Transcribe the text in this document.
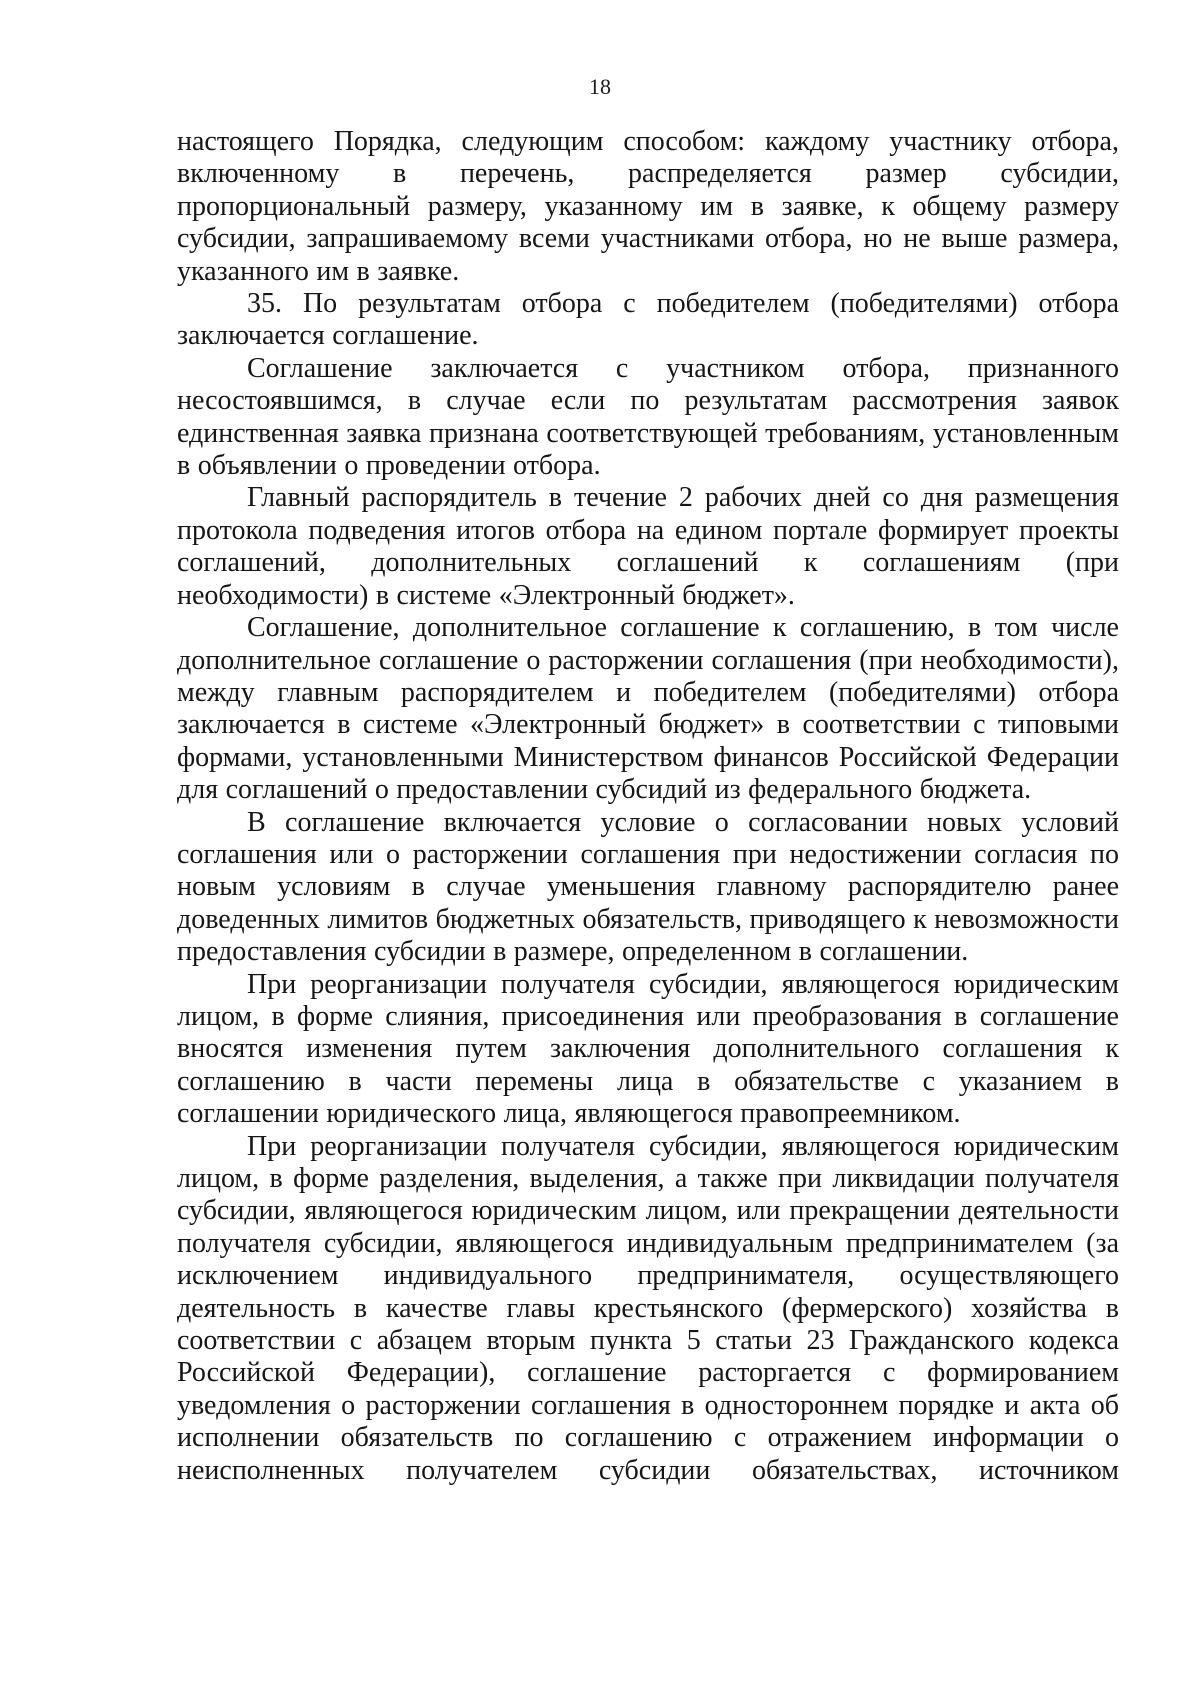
18

настоящего Порядка, следующим способом: каждому участнику отбора, включенному в перечень, распределяется размер субсидии, пропорциональный размеру, указанному им в заявке, к общему размеру субсидии, запрашиваемому всеми участниками отбора, но не выше размера, указанного им в заявке.

35. По результатам отбора с победителем (победителями) отбора заключается соглашение.

Соглашение заключается с участником отбора, признанного несостоявшимся, в случае если по результатам рассмотрения заявок единственная заявка признана соответствующей требованиям, установленным в объявлении о проведении отбора.

Главный распорядитель в течение 2 рабочих дней со дня размещения протокола подведения итогов отбора на едином портале формирует проекты соглашений, дополнительных соглашений к соглашениям (при необходимости) в системе «Электронный бюджет».

Соглашение, дополнительное соглашение к соглашению, в том числе дополнительное соглашение о расторжении соглашения (при необходимости), между главным распорядителем и победителем (победителями) отбора заключается в системе «Электронный бюджет» в соответствии с типовыми формами, установленными Министерством финансов Российской Федерации для соглашений о предоставлении субсидий из федерального бюджета.

В соглашение включается условие о согласовании новых условий соглашения или о расторжении соглашения при недостижении согласия по новым условиям в случае уменьшения главному распорядителю ранее доведенных лимитов бюджетных обязательств, приводящего к невозможности предоставления субсидии в размере, определенном в соглашении.

При реорганизации получателя субсидии, являющегося юридическим лицом, в форме слияния, присоединения или преобразования в соглашение вносятся изменения путем заключения дополнительного соглашения к соглашению в части перемены лица в обязательстве с указанием в соглашении юридического лица, являющегося правопреемником.

При реорганизации получателя субсидии, являющегося юридическим лицом, в форме разделения, выделения, а также при ликвидации получателя субсидии, являющегося юридическим лицом, или прекращении деятельности получателя субсидии, являющегося индивидуальным предпринимателем (за исключением индивидуального предпринимателя, осуществляющего деятельность в качестве главы крестьянского (фермерского) хозяйства в соответствии с абзацем вторым пункта 5 статьи 23 Гражданского кодекса Российской Федерации), соглашение расторгается с формированием уведомления о расторжении соглашения в одностороннем порядке и акта об исполнении обязательств по соглашению с отражением информации о неисполненных получателем субсидии обязательствах, источником
